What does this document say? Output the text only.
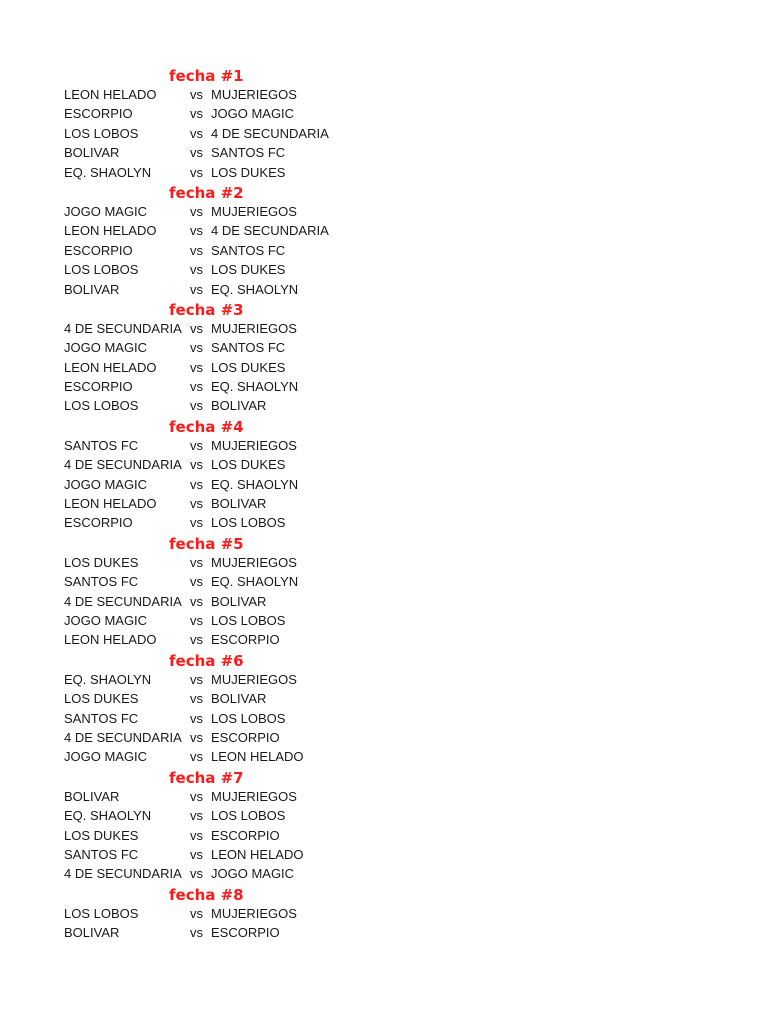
fecha #1
LEON HELADO	vs MUJERIEGOS
ESCORPIO	vs JOGO MAGIC
LOS LOBOS	vs 4 DE SECUNDARIA
BOLIVAR	vs SANTOS FC
EQ. SHAOLYN	vs LOS DUKES
fecha #2
JOGO MAGIC	vs MUJERIEGOS
LEON HELADO	vs 4 DE SECUNDARIA
ESCORPIO	vs SANTOS FC
LOS LOBOS	vs LOS DUKES
BOLIVAR	vs EQ. SHAOLYN
fecha #3
4 DE SECUNDARIA vs MUJERIEGOS
JOGO MAGIC	vs SANTOS FC
LEON HELADO	vs LOS DUKES
ESCORPIO	vs EQ. SHAOLYN
LOS LOBOS	vs BOLIVAR
fecha #4
SANTOS FC	vs MUJERIEGOS
4 DE SECUNDARIA vs LOS DUKES
JOGO MAGIC	vs EQ. SHAOLYN
LEON HELADO	vs BOLIVAR
ESCORPIO	vs LOS LOBOS
fecha #5
LOS DUKES	vs MUJERIEGOS
SANTOS FC	vs EQ. SHAOLYN
4 DE SECUNDARIA vs BOLIVAR
JOGO MAGIC	vs LOS LOBOS
LEON HELADO	vs ESCORPIO
fecha #6
EQ. SHAOLYN	vs MUJERIEGOS
LOS DUKES	vs BOLIVAR
SANTOS FC	vs LOS LOBOS
4 DE SECUNDARIA vs ESCORPIO
JOGO MAGIC	vs LEON HELADO
fecha #7
BOLIVAR	vs MUJERIEGOS
EQ. SHAOLYN	vs LOS LOBOS
LOS DUKES	vs ESCORPIO
SANTOS FC	vs LEON HELADO
4 DE SECUNDARIA vs JOGO MAGIC
fecha #8
LOS LOBOS	vs MUJERIEGOS
BOLIVAR	vs ESCORPIO
